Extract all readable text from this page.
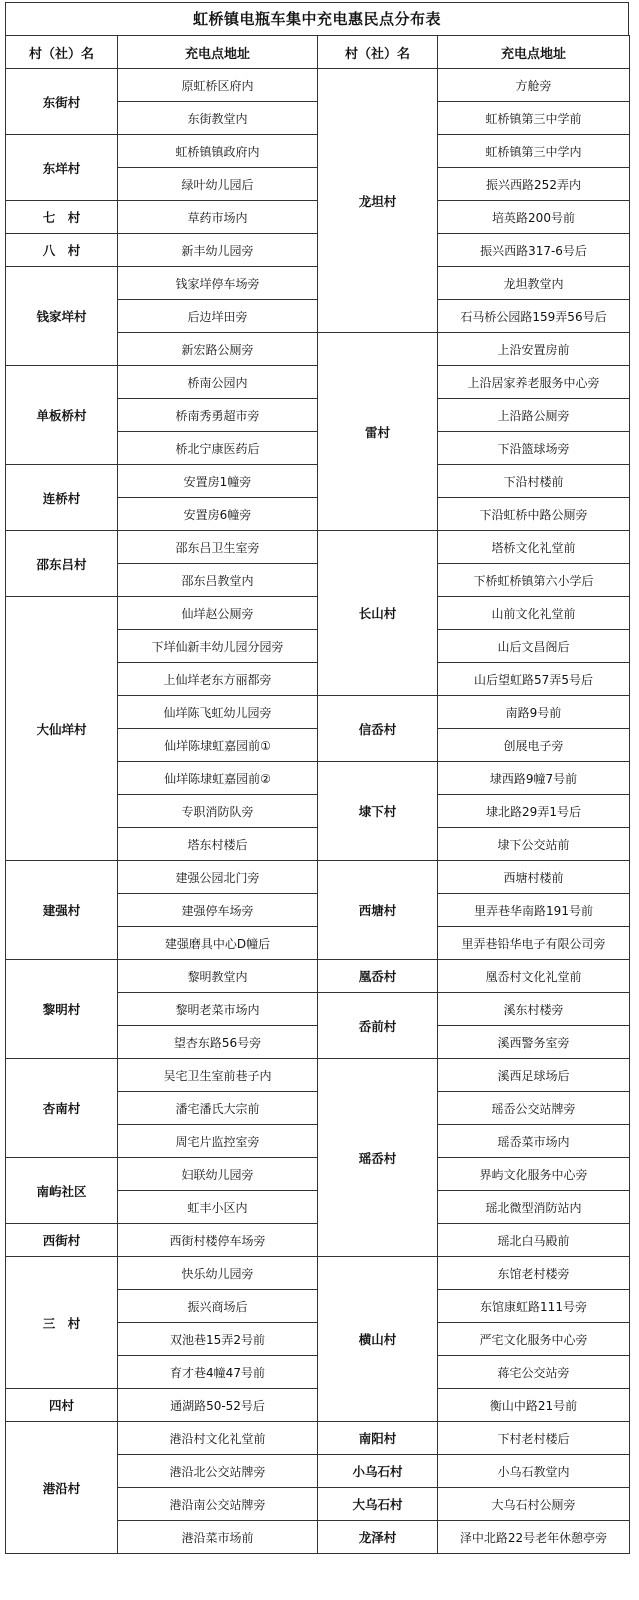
虹桥镇电瓶车集中充电惠民点分布表
村（社）名	充电点地址	村（社）名	充电点地址
东街村	原虹桥区府内	龙坦村	方舱旁
	东街教堂内		虹桥镇第三中学前
东垟村	虹桥镇镇政府内		虹桥镇第三中学内
	绿叶幼儿园后		振兴西路252弄内
七　村	草药市场内		培英路200号前
八　村	新丰幼儿园旁		振兴西路317-6号后
钱家垟村	钱家垟停车场旁		龙坦教堂内
	后边垟田旁		石马桥公园路159弄56号后
	新宏路公厕旁	雷村	上沿安置房前
单板桥村	桥南公园内		上沿居家养老服务中心旁
	桥南秀勇超市旁		上沿路公厕旁
	桥北宁康医药后		下沿篮球场旁
连桥村	安置房1幢旁		下沿村楼前
	安置房6幢旁		下沿虹桥中路公厕旁
邵东吕村	邵东吕卫生室旁	长山村	塔桥文化礼堂前
	邵东吕教堂内		下桥虹桥镇第六小学后
大仙垟村	仙垟赵公厕旁		山前文化礼堂前
	下垟仙新丰幼儿园分园旁		山后文昌阁后
	上仙垟老东方丽都旁		山后望虹路57弄5号后
	仙垟陈飞虹幼儿园旁	信岙村	南路9号前
	仙垟陈埭虹嘉园前①		创展电子旁
	仙垟陈埭虹嘉园前②	埭下村	埭西路9幢7号前
	专职消防队旁		埭北路29弄1号后
	塔东村楼后		埭下公交站前
建强村	建强公园北门旁	西塘村	西塘村楼前
	建强停车场旁		里弄巷华南路191号前
	建强磨具中心D幢后		里弄巷铅华电子有限公司旁
黎明村	黎明教堂内	凰岙村	凰岙村文化礼堂前
	黎明老菜市场内	岙前村	溪东村楼旁
	望杏东路56号旁		溪西警务室旁
杏南村	吴宅卫生室前巷子内	瑶岙村	溪西足球场后
	潘宅潘氏大宗前		瑶岙公交站牌旁
	周宅片监控室旁		瑶岙菜市场内
南屿社区	妇联幼儿园旁		界屿文化服务中心旁
	虹丰小区内		瑶北微型消防站内
西街村	西街村楼停车场旁		瑶北白马殿前
三　村	快乐幼儿园旁	横山村	东馆老村楼旁
	振兴商场后		东馆康虹路111号旁
	双池巷15弄2号前		严宅文化服务中心旁
	育才巷4幢47号前		蒋宅公交站旁
四村	通湖路50-52号后		衡山中路21号前
港沿村	港沿村文化礼堂前	南阳村	下村老村楼后
	港沿北公交站牌旁	小乌石村	小乌石教堂内
	港沿南公交站牌旁	大乌石村	大乌石村公厕旁
	港沿菜市场前	龙泽村	泽中北路22号老年休憩亭旁
